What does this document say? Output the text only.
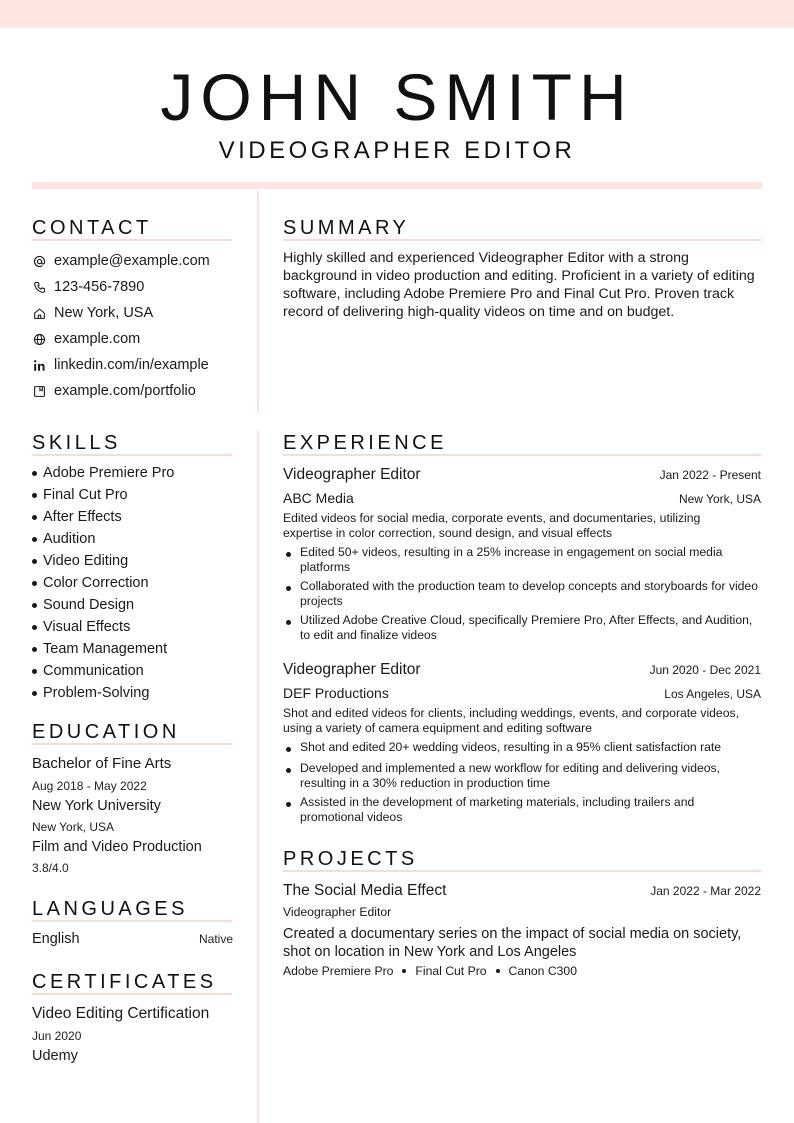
JOHN SMITH
VIDEOGRAPHER EDITOR
CONTACT
example@example.com
123-456-7890
New York, USA
example.com
linkedin.com/in/example
example.com/portfolio
SUMMARY
Highly skilled and experienced Videographer Editor with a strong background in video production and editing. Proficient in a variety of editing software, including Adobe Premiere Pro and Final Cut Pro. Proven track record of delivering high-quality videos on time and on budget.
SKILLS
Adobe Premiere Pro
Final Cut Pro
After Effects
Audition
Video Editing
Color Correction
Sound Design
Visual Effects
Team Management
Communication
Problem-Solving
EDUCATION
Bachelor of Fine Arts
Aug 2018 - May 2022
New York University
New York, USA
Film and Video Production
3.8/4.0
LANGUAGES
English	Native
CERTIFICATES
Video Editing Certification
Jun 2020
Udemy
EXPERIENCE
Videographer Editor	Jan 2022 - Present
ABC Media	New York, USA
Edited videos for social media, corporate events, and documentaries, utilizing expertise in color correction, sound design, and visual effects
Edited 50+ videos, resulting in a 25% increase in engagement on social media platforms
Collaborated with the production team to develop concepts and storyboards for video projects
Utilized Adobe Creative Cloud, specifically Premiere Pro, After Effects, and Audition, to edit and finalize videos
Videographer Editor	Jun 2020 - Dec 2021
DEF Productions	Los Angeles, USA
Shot and edited videos for clients, including weddings, events, and corporate videos, using a variety of camera equipment and editing software
Shot and edited 20+ wedding videos, resulting in a 95% client satisfaction rate
Developed and implemented a new workflow for editing and delivering videos, resulting in a 30% reduction in production time
Assisted in the development of marketing materials, including trailers and promotional videos
PROJECTS
The Social Media Effect	Jan 2022 - Mar 2022
Videographer Editor
Created a documentary series on the impact of social media on society, shot on location in New York and Los Angeles
Adobe Premiere Pro Final Cut Pro Canon C300
